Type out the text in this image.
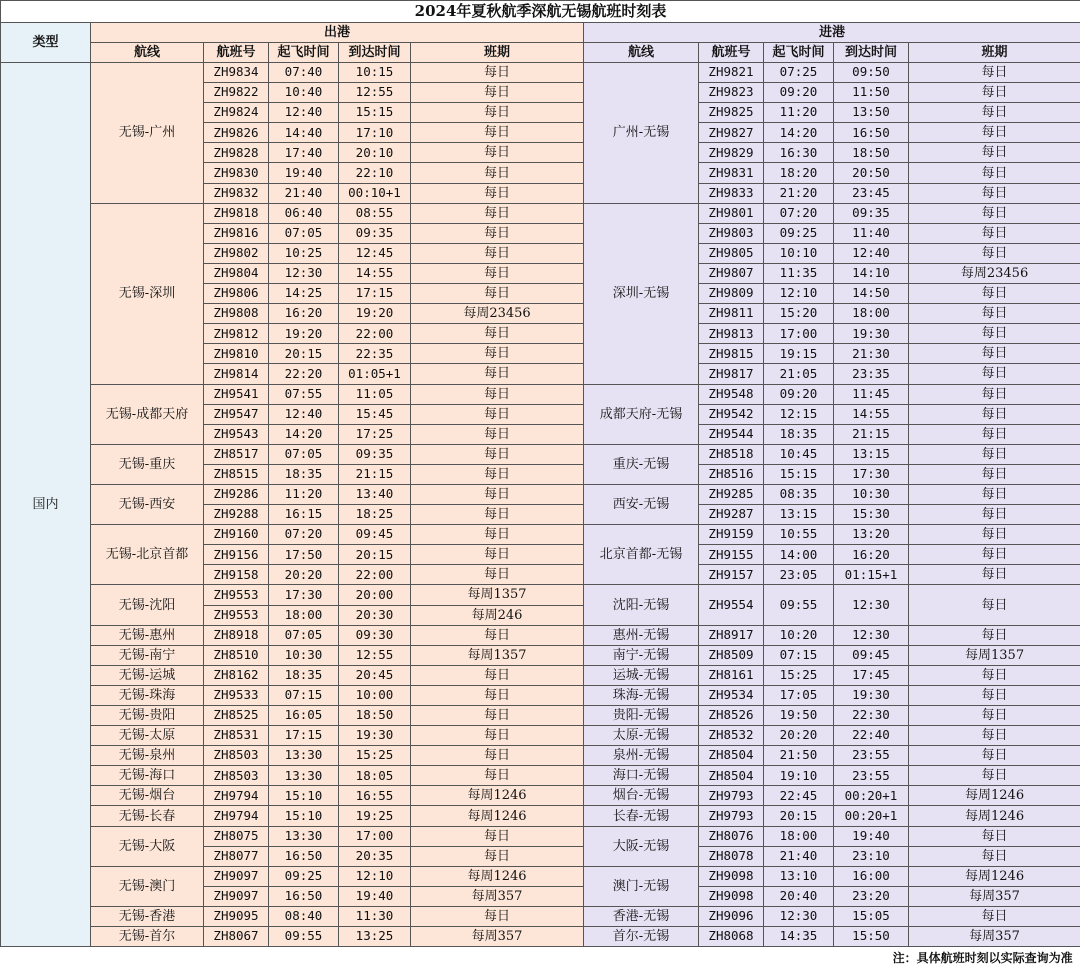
2024年夏秋航季深航无锡航班时刻表										
类型	出港					进港				
	航线	航班号	起飞时间	到达时间	班期	航线	航班号	起飞时间	到达时间	班期
国内	无锡-广州	ZH9834	07:40	10:15	每日	广州-无锡	ZH9821	07:25	09:50	每日
		ZH9822	10:40	12:55	每日		ZH9823	09:20	11:50	每日
		ZH9824	12:40	15:15	每日		ZH9825	11:20	13:50	每日
		ZH9826	14:40	17:10	每日		ZH9827	14:20	16:50	每日
		ZH9828	17:40	20:10	每日		ZH9829	16:30	18:50	每日
		ZH9830	19:40	22:10	每日		ZH9831	18:20	20:50	每日
		ZH9832	21:40	00:10+1	每日		ZH9833	21:20	23:45	每日
	无锡-深圳	ZH9818	06:40	08:55	每日	深圳-无锡	ZH9801	07:20	09:35	每日
		ZH9816	07:05	09:35	每日		ZH9803	09:25	11:40	每日
		ZH9802	10:25	12:45	每日		ZH9805	10:10	12:40	每日
		ZH9804	12:30	14:55	每日		ZH9807	11:35	14:10	每周23456
		ZH9806	14:25	17:15	每日		ZH9809	12:10	14:50	每日
		ZH9808	16:20	19:20	每周23456		ZH9811	15:20	18:00	每日
		ZH9812	19:20	22:00	每日		ZH9813	17:00	19:30	每日
		ZH9810	20:15	22:35	每日		ZH9815	19:15	21:30	每日
		ZH9814	22:20	01:05+1	每日		ZH9817	21:05	23:35	每日
	无锡-成都天府	ZH9541	07:55	11:05	每日	成都天府-无锡	ZH9548	09:20	11:45	每日
		ZH9547	12:40	15:45	每日		ZH9542	12:15	14:55	每日
		ZH9543	14:20	17:25	每日		ZH9544	18:35	21:15	每日
	无锡-重庆	ZH8517	07:05	09:35	每日	重庆-无锡	ZH8518	10:45	13:15	每日
		ZH8515	18:35	21:15	每日		ZH8516	15:15	17:30	每日
	无锡-西安	ZH9286	11:20	13:40	每日	西安-无锡	ZH9285	08:35	10:30	每日
		ZH9288	16:15	18:25	每日		ZH9287	13:15	15:30	每日
	无锡-北京首都	ZH9160	07:20	09:45	每日	北京首都-无锡	ZH9159	10:55	13:20	每日
		ZH9156	17:50	20:15	每日		ZH9155	14:00	16:20	每日
		ZH9158	20:20	22:00	每日		ZH9157	23:05	01:15+1	每日
	无锡-沈阳	ZH9553	17:30	20:00	每周1357	沈阳-无锡	ZH9554	09:55	12:30	每日
		ZH9553	18:00	20:30	每周246					
	无锡-惠州	ZH8918	07:05	09:30	每日	惠州-无锡	ZH8917	10:20	12:30	每日
	无锡-南宁	ZH8510	10:30	12:55	每周1357	南宁-无锡	ZH8509	07:15	09:45	每周1357
	无锡-运城	ZH8162	18:35	20:45	每日	运城-无锡	ZH8161	15:25	17:45	每日
	无锡-珠海	ZH9533	07:15	10:00	每日	珠海-无锡	ZH9534	17:05	19:30	每日
	无锡-贵阳	ZH8525	16:05	18:50	每日	贵阳-无锡	ZH8526	19:50	22:30	每日
	无锡-太原	ZH8531	17:15	19:30	每日	太原-无锡	ZH8532	20:20	22:40	每日
	无锡-泉州	ZH8503	13:30	15:25	每日	泉州-无锡	ZH8504	21:50	23:55	每日
	无锡-海口	ZH8503	13:30	18:05	每日	海口-无锡	ZH8504	19:10	23:55	每日
	无锡-烟台	ZH9794	15:10	16:55	每周1246	烟台-无锡	ZH9793	22:45	00:20+1	每周1246
	无锡-长春	ZH9794	15:10	19:25	每周1246	长春-无锡	ZH9793	20:15	00:20+1	每周1246
	无锡-大阪	ZH8075	13:30	17:00	每日	大阪-无锡	ZH8076	18:00	19:40	每日
		ZH8077	16:50	20:35	每日		ZH8078	21:40	23:10	每日
	无锡-澳门	ZH9097	09:25	12:10	每周1246	澳门-无锡	ZH9098	13:10	16:00	每周1246
		ZH9097	16:50	19:40	每周357		ZH9098	20:40	23:20	每周357
	无锡-香港	ZH9095	08:40	11:30	每日	香港-无锡	ZH9096	12:30	15:05	每日
	无锡-首尔	ZH8067	09:55	13:25	每周357	首尔-无锡	ZH8068	14:35	15:50	每周357
注：具体航班时刻以实际查询为准										
